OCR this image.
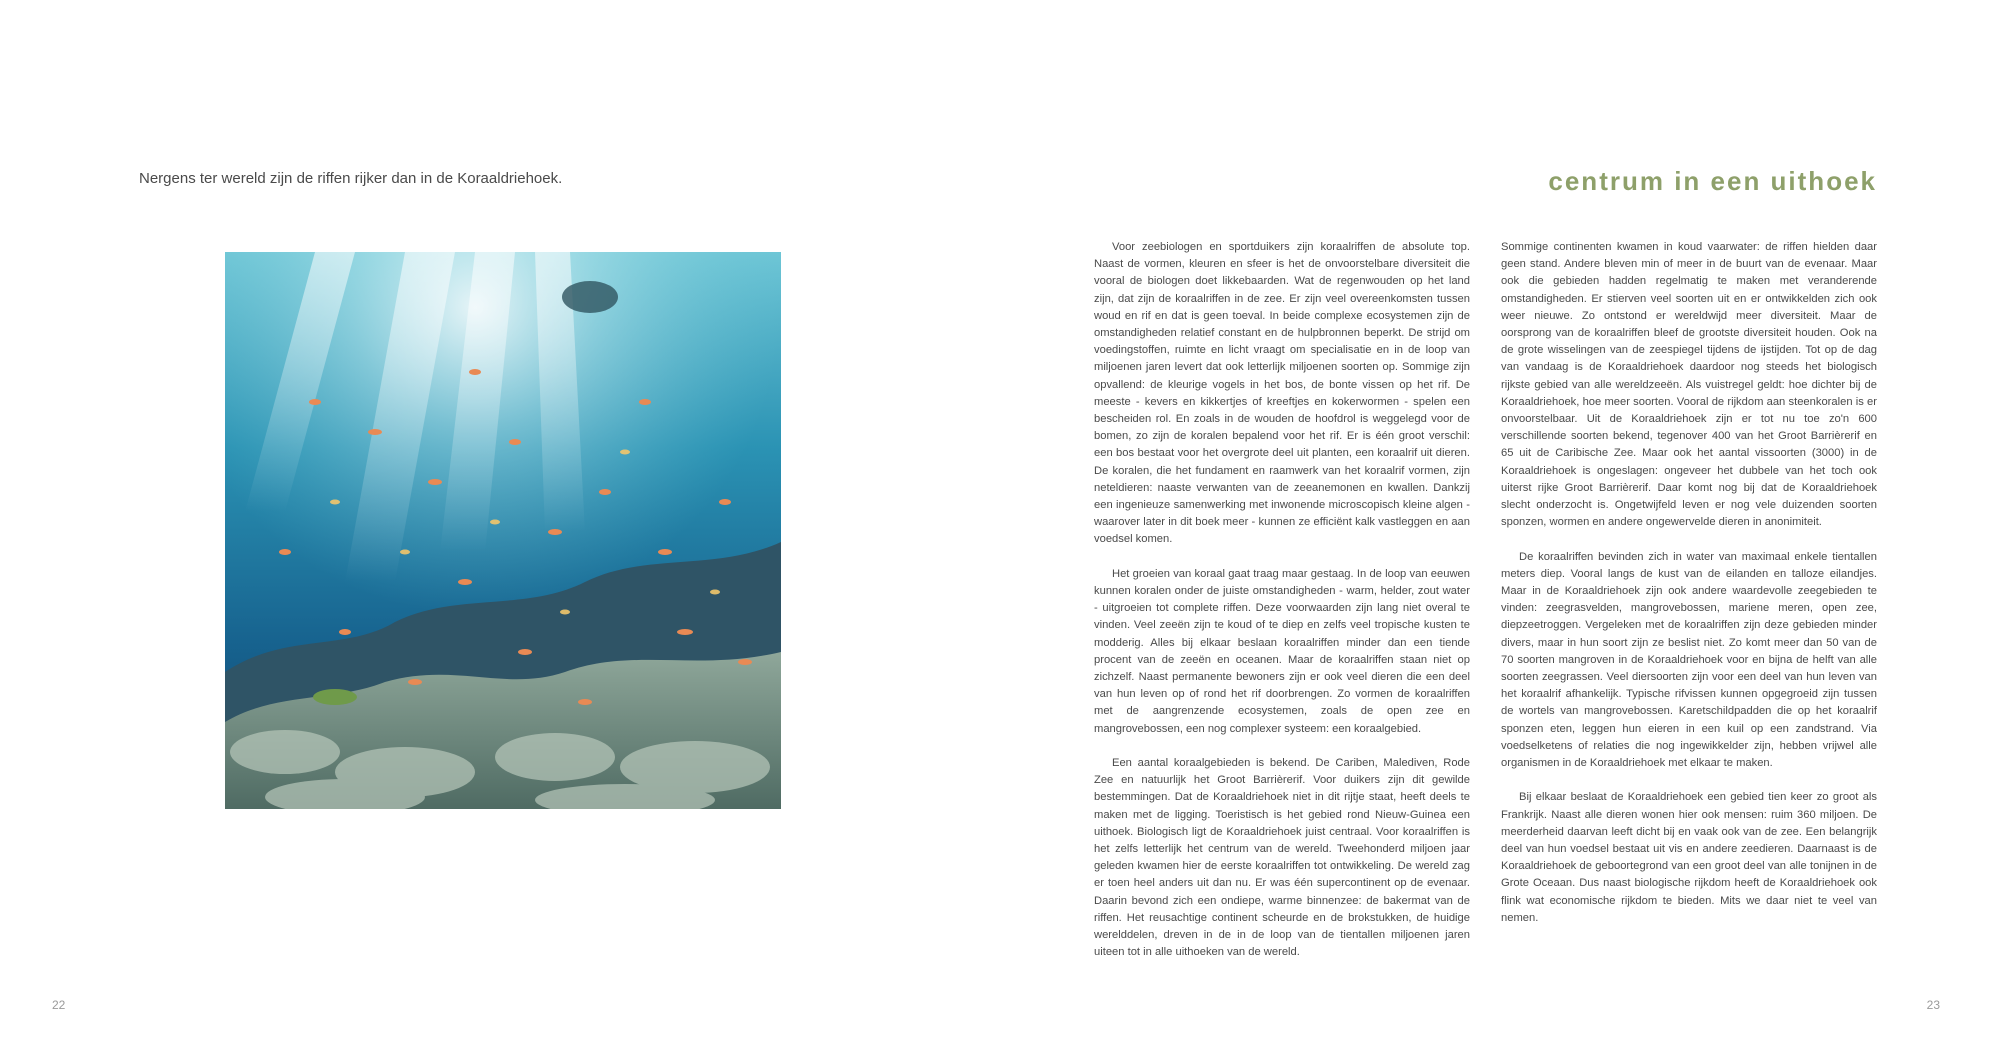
Nergens ter wereld zijn de riffen rijker dan in de Koraaldriehoek.	centrum in een uithoek

Voor zeebiologen en sportduikers zijn koraalriffen de absolute top. Naast de vormen, kleuren en sfeer is het de onvoorstelbare diversiteit die vooral de biologen doet likkebaarden. Wat de regenwouden op het land zijn, dat zijn de koraalriffen in de zee. Er zijn veel overeenkomsten tussen woud en rif en dat is geen toeval. In beide complexe ecosystemen zijn de omstandigheden relatief constant en de hulpbronnen beperkt. De strijd om voedingstoffen, ruimte en licht vraagt om specialisatie en in de loop van miljoenen jaren levert dat ook letterlijk miljoenen soorten op. Sommige zijn opvallend: de kleurige vogels in het bos, de bonte vissen op het rif. De meeste - kevers en kikkertjes of kreeftjes en kokerwormen - spelen een bescheiden rol. En zoals in de wouden de hoofdrol is weggelegd voor de bomen, zo zijn de koralen bepalend voor het rif. Er is één groot verschil: een bos bestaat voor het overgrote deel uit planten, een koraalrif uit dieren. De koralen, die het fundament en raamwerk van het koraalrif vormen, zijn neteldieren: naaste verwanten van de zeeanemonen en kwallen. Dankzij een ingenieuze samenwerking met inwonende microscopisch kleine algen - waarover later in dit boek meer - kunnen ze efficiënt kalk vastleggen en aan voedsel komen.

Het groeien van koraal gaat traag maar gestaag. In de loop van eeuwen kunnen koralen onder de juiste omstandigheden - warm, helder, zout water - uitgroeien tot complete riffen. Deze voorwaarden zijn lang niet overal te vinden. Veel zeeën zijn te koud of te diep en zelfs veel tropische kusten te modderig. Alles bij elkaar beslaan koraalriffen minder dan een tiende procent van de zeeën en oceanen. Maar de koraalriffen staan niet op zichzelf. Naast permanente bewoners zijn er ook veel dieren die een deel van hun leven op of rond het rif doorbrengen. Zo vormen de koraalriffen met de aangrenzende ecosystemen, zoals de open zee en mangrovebossen, een nog complexer systeem: een koraalgebied.

Een aantal koraalgebieden is bekend. De Cariben, Malediven, Rode Zee en natuurlijk het Groot Barrièrerif. Voor duikers zijn dit gewilde bestemmingen. Dat de Koraaldriehoek niet in dit rijtje staat, heeft deels te maken met de ligging. Toeristisch is het gebied rond Nieuw-Guinea een uithoek. Biologisch ligt de Koraaldriehoek juist centraal. Voor koraalriffen is het zelfs letterlijk het centrum van de wereld. Tweehonderd miljoen jaar geleden kwamen hier de eerste koraalriffen tot ontwikkeling. De wereld zag er toen heel anders uit dan nu. Er was één supercontinent op de evenaar. Daarin bevond zich een ondiepe, warme binnenzee: de bakermat van de riffen. Het reusachtige continent scheurde en de brokstukken, de huidige werelddelen, dreven in de in de loop van de tientallen miljoenen jaren uiteen tot in alle uithoeken van de wereld.

Sommige continenten kwamen in koud vaarwater: de riffen hielden daar geen stand. Andere bleven min of meer in de buurt van de evenaar. Maar ook die gebieden hadden regelmatig te maken met veranderende omstandigheden. Er stierven veel soorten uit en er ontwikkelden zich ook weer nieuwe. Zo ontstond er wereldwijd meer diversiteit. Maar de oorsprong van de koraalriffen bleef de grootste diversiteit houden. Ook na de grote wisselingen van de zeespiegel tijdens de ijstijden. Tot op de dag van vandaag is de Koraaldriehoek daardoor nog steeds het biologisch rijkste gebied van alle wereldzeeën. Als vuistregel geldt: hoe dichter bij de Koraaldriehoek, hoe meer soorten. Vooral de rijkdom aan steenkoralen is er onvoorstelbaar. Uit de Koraaldriehoek zijn er tot nu toe zo'n 600 verschillende soorten bekend, tegenover 400 van het Groot Barrièrerif en 65 uit de Caribische Zee. Maar ook het aantal vissoorten (3000) in de Koraaldriehoek is ongeslagen: ongeveer het dubbele van het toch ook uiterst rijke Groot Barrièrerif. Daar komt nog bij dat de Koraaldriehoek slecht onderzocht is. Ongetwijfeld leven er nog vele duizenden soorten sponzen, wormen en andere ongewervelde dieren in anonimiteit.

De koraalriffen bevinden zich in water van maximaal enkele tientallen meters diep. Vooral langs de kust van de eilanden en talloze eilandjes. Maar in de Koraaldriehoek zijn ook andere waardevolle zeegebieden te vinden: zeegrasvelden, mangrovebossen, mariene meren, open zee, diepzeetroggen. Vergeleken met de koraalriffen zijn deze gebieden minder divers, maar in hun soort zijn ze beslist niet. Zo komt meer dan 50 van de 70 soorten mangroven in de Koraaldriehoek voor en bijna de helft van alle soorten zeegrassen. Veel diersoorten zijn voor een deel van hun leven van het koraalrif afhankelijk. Typische rifvissen kunnen opgegroeid zijn tussen de wortels van mangrovebossen. Karetschildpadden die op het koraalrif sponzen eten, leggen hun eieren in een kuil op een zandstrand. Via voedselketens of relaties die nog ingewikkelder zijn, hebben vrijwel alle organismen in de Koraaldriehoek met elkaar te maken.

Bij elkaar beslaat de Koraaldriehoek een gebied tien keer zo groot als Frankrijk. Naast alle dieren wonen hier ook mensen: ruim 360 miljoen. De meerderheid daarvan leeft dicht bij en vaak ook van de zee. Een belangrijk deel van hun voedsel bestaat uit vis en andere zeedieren. Daarnaast is de Koraaldriehoek de geboortegrond van een groot deel van alle tonijnen in de Grote Oceaan. Dus naast biologische rijkdom heeft de Koraaldriehoek ook flink wat economische rijkdom te bieden. Mits we daar niet te veel van nemen.

22	23
